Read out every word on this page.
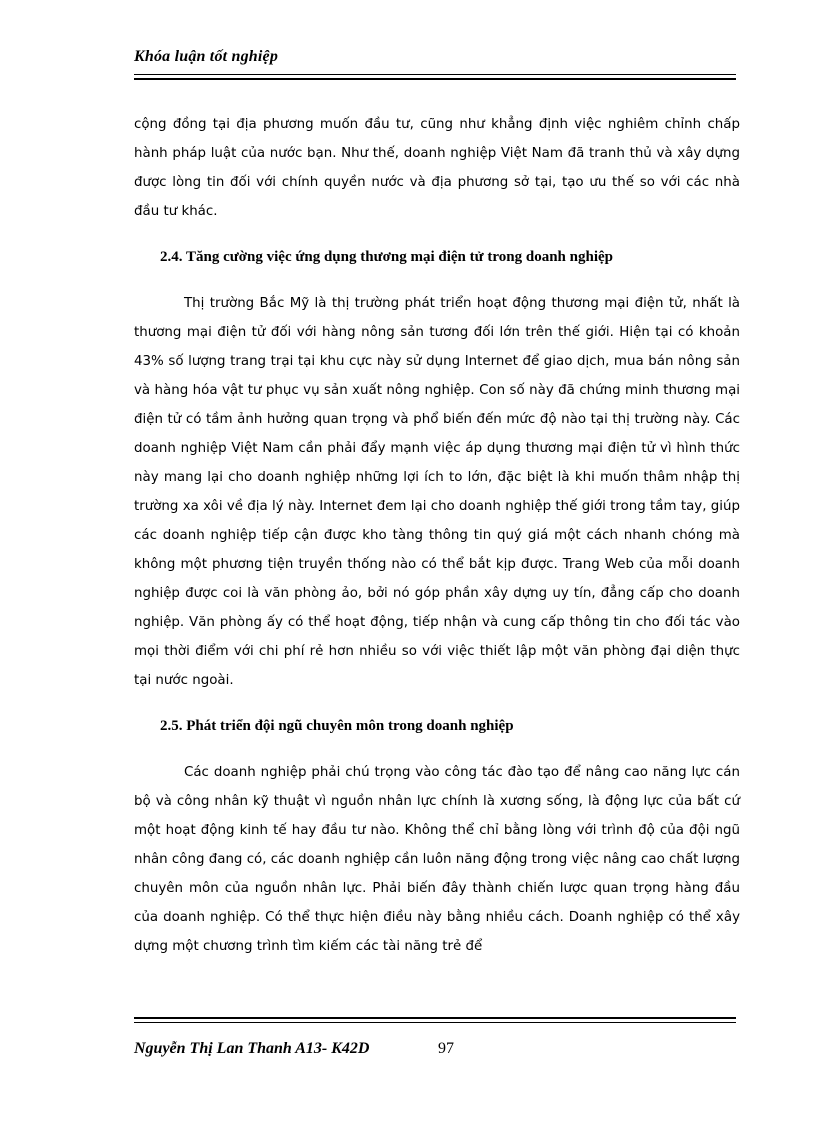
Khóa luận tốt nghiệp

cộng đồng tại địa phương muốn đầu tư, cũng như khẳng định việc nghiêm chỉnh chấp hành pháp luật của nước bạn. Như thế, doanh nghiệp Việt Nam đã tranh thủ và xây dựng được lòng tin đối với chính quyền nước và địa phương sở tại, tạo ưu thế so với các nhà đầu tư khác.

2.4. Tăng cường việc ứng dụng thương mại điện tử trong doanh nghiệp

Thị trường Bắc Mỹ là thị trường phát triển hoạt động thương mại điện tử, nhất là thương mại điện tử đối với hàng nông sản tương đối lớn trên thế giới. Hiện tại có khoản 43% số lượng trang trại tại khu cực này sử dụng Internet để giao dịch, mua bán nông sản và hàng hóa vật tư phục vụ sản xuất nông nghiệp. Con số này đã chứng minh thương mại điện tử có tầm ảnh hưởng quan trọng và phổ biến đến mức độ nào tại thị trường này. Các doanh nghiệp Việt Nam cần phải đẩy mạnh việc áp dụng thương mại điện tử vì hình thức này mang lại cho doanh nghiệp những lợi ích to lớn, đặc biệt là khi muốn thâm nhập thị trường xa xôi về địa lý này. Internet đem lại cho doanh nghiệp thế giới trong tầm tay, giúp các doanh nghiệp tiếp cận được kho tàng thông tin quý giá một cách nhanh chóng mà không một phương tiện truyền thống nào có thể bắt kịp được. Trang Web của mỗi doanh nghiệp được coi là văn phòng ảo, bởi nó góp phần xây dựng uy tín, đẳng cấp cho doanh nghiệp. Văn phòng ấy có thể hoạt động, tiếp nhận và cung cấp thông tin cho đối tác vào mọi thời điểm với chi phí rẻ hơn nhiều so với việc thiết lập một văn phòng đại diện thực tại nước ngoài.

2.5. Phát triển đội ngũ chuyên môn trong doanh nghiệp

Các doanh nghiệp phải chú trọng vào công tác đào tạo để nâng cao năng lực cán bộ và công nhân kỹ thuật vì nguồn nhân lực chính là xương sống, là động lực của bất cứ một hoạt động kinh tế hay đầu tư nào. Không thể chỉ bằng lòng với trình độ của đội ngũ nhân công đang có, các doanh nghiệp cần luôn năng động trong việc nâng cao chất lượng chuyên môn của nguồn nhân lực. Phải biến đây thành chiến lược quan trọng hàng đầu của doanh nghiệp. Có thể thực hiện điều này bằng nhiều cách. Doanh nghiệp có thể xây dựng một chương trình tìm kiếm các tài năng trẻ để

Nguyễn Thị Lan Thanh A13- K42D	97
